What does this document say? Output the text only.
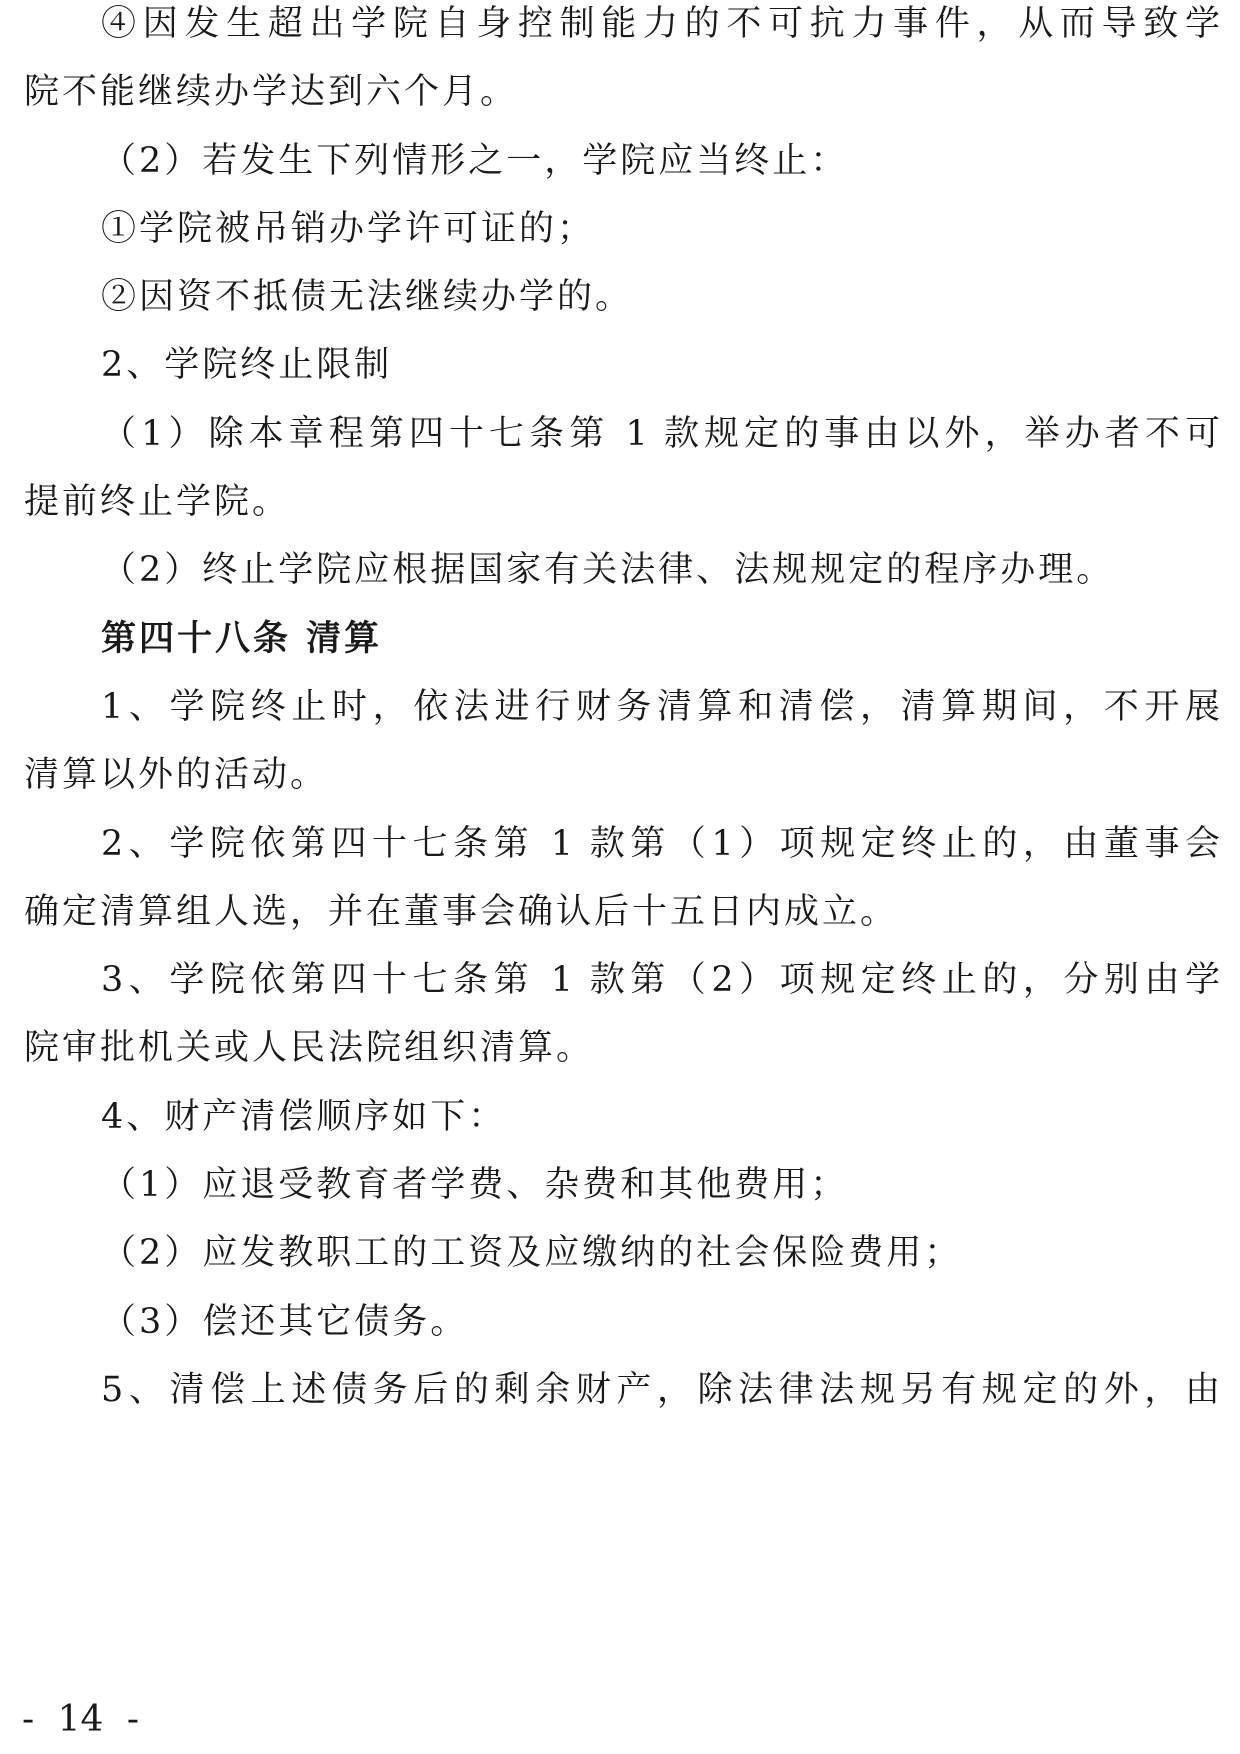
④因发生超出学院自身控制能力的不可抗力事件，从而导致学
院不能继续办学达到六个月。
（2）若发生下列情形之一，学院应当终止：
①学院被吊销办学许可证的；
②因资不抵债无法继续办学的。
2、学院终止限制
（1）除本章程第四十七条第 1 款规定的事由以外，举办者不可
提前终止学院。
（2）终止学院应根据国家有关法律、法规规定的程序办理。
第四十八条 清算
1、学院终止时，依法进行财务清算和清偿，清算期间，不开展
清算以外的活动。
2、学院依第四十七条第 1 款第（1）项规定终止的，由董事会
确定清算组人选，并在董事会确认后十五日内成立。
3、学院依第四十七条第 1 款第（2）项规定终止的，分别由学
院审批机关或人民法院组织清算。
4、财产清偿顺序如下：
（1）应退受教育者学费、杂费和其他费用；
（2）应发教职工的工资及应缴纳的社会保险费用；
（3）偿还其它债务。
5、清偿上述债务后的剩余财产，除法律法规另有规定的外，由
- 14 -
